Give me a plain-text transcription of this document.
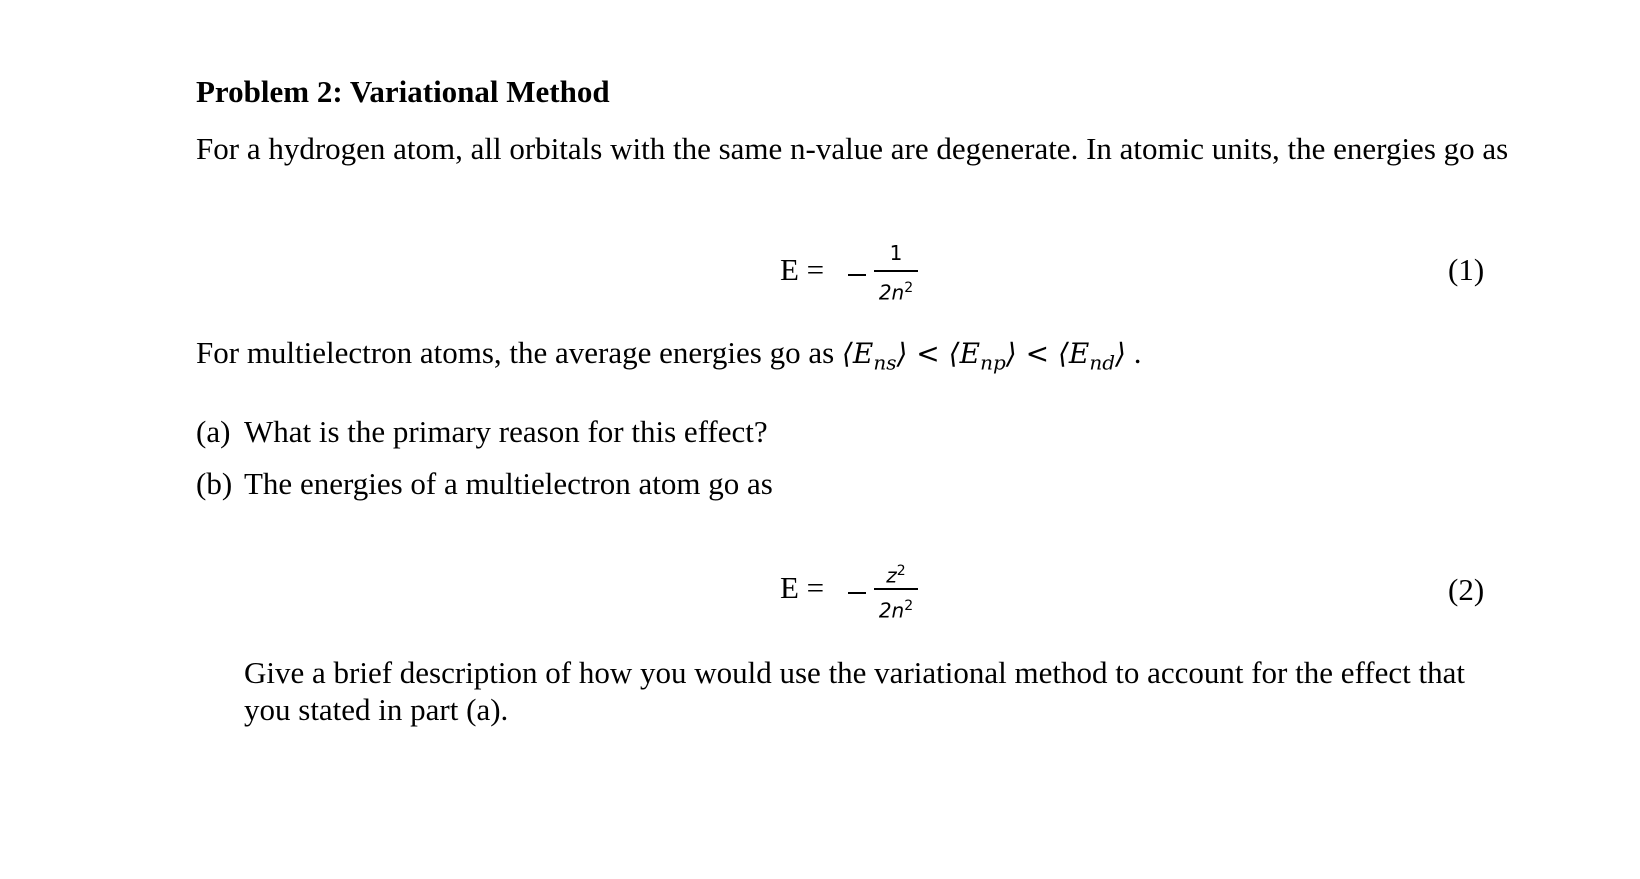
Problem 2: Variational Method
For a hydrogen atom, all orbitals with the same n-value are degenerate. In atomic units, the energies go as
E =	1
$2n^2$
(1)
For multielectron atoms, the average energies go as $⟨E_{ns}⟩$ < $⟨E_{np}⟩$ < $⟨E_{nd}⟩$ .
(a) What is the primary reason for this effect?
(b) The energies of a multielectron atom go as
E =	$z^2$
$2n^2$	(2)
Give a brief description of how you would use the variational method to account for the effect that you stated in part (a).
